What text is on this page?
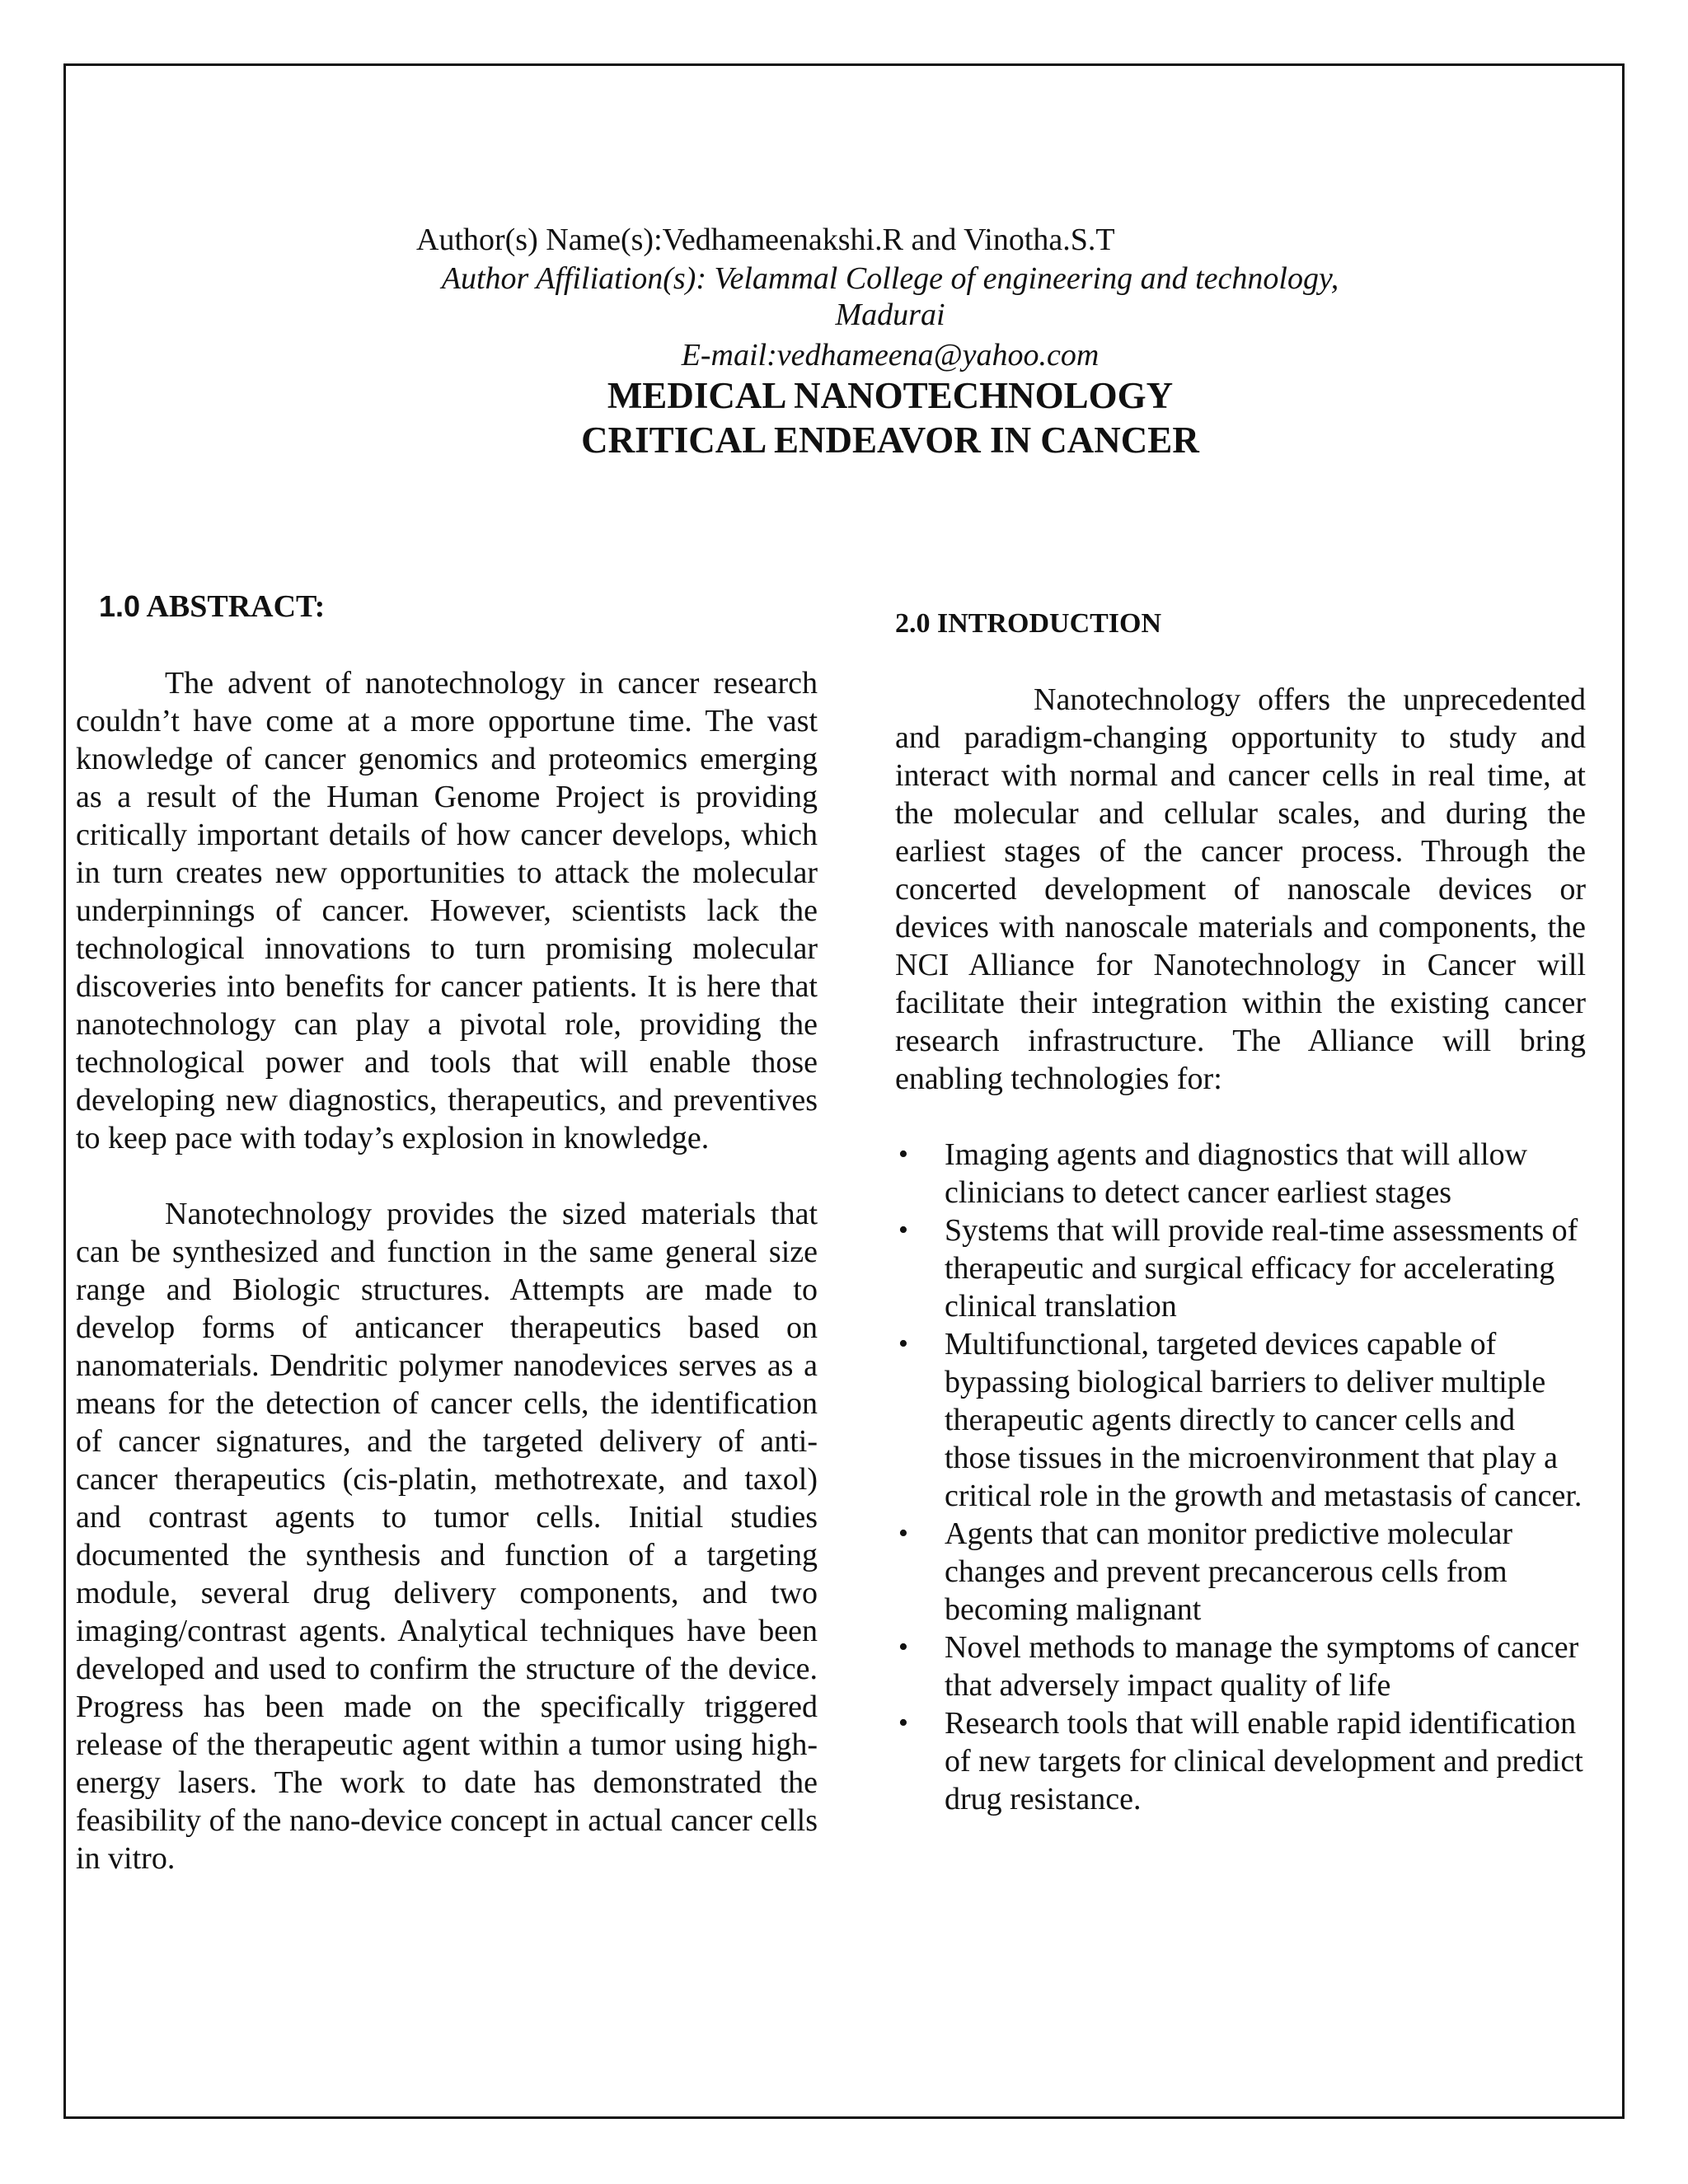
Author(s) Name(s):Vedhameenakshi.R and Vinotha.S.T
Author Affiliation(s): Velammal College of engineering and technology, Madurai
E-mail:vedhameena@yahoo.com
MEDICAL NANOTECHNOLOGY
CRITICAL ENDEAVOR IN CANCER
1.0 ABSTRACT:

The advent of nanotechnology in cancer research couldn’t have come at a more opportune time. The vast knowledge of cancer genomics and proteomics emerging as a result of the Human Genome Project is providing critically important details of how cancer develops, which in turn creates new opportunities to attack the molecular underpinnings of cancer. However, scientists lack the technological innovations to turn promising molecular discoveries into benefits for cancer patients. It is here that nanotechnology can play a pivotal role, providing the technological power and tools that will enable those developing new diagnostics, therapeutics, and preventives to keep pace with today’s explosion in knowledge.

Nanotechnology provides the sized materials that can be synthesized and function in the same general size range and Biologic structures. Attempts are made to develop forms of anticancer therapeutics based on nanomaterials. Dendritic polymer nanodevices serves as a means for the detection of cancer cells, the identification of cancer signatures, and the targeted delivery of anti-cancer therapeutics (cis-platin, methotrexate, and taxol) and contrast agents to tumor cells. Initial studies documented the synthesis and function of a targeting module, several drug delivery components, and two imaging/contrast agents. Analytical techniques have been developed and used to confirm the structure of the device. Progress has been made on the specifically triggered release of the therapeutic agent within a tumor using high-energy lasers. The work to date has demonstrated the feasibility of the nano-device concept in actual cancer cells in vitro.

2.0 INTRODUCTION

Nanotechnology offers the unprecedented and paradigm-changing opportunity to study and interact with normal and cancer cells in real time, at the molecular and cellular scales, and during the earliest stages of the cancer process. Through the concerted development of nanoscale devices or devices with nanoscale materials and components, the NCI Alliance for Nanotechnology in Cancer will facilitate their integration within the existing cancer research infrastructure. The Alliance will bring enabling technologies for:

• Imaging agents and diagnostics that will allow clinicians to detect cancer earliest stages
• Systems that will provide real-time assessments of therapeutic and surgical efficacy for accelerating clinical translation
• Multifunctional, targeted devices capable of bypassing biological barriers to deliver multiple therapeutic agents directly to cancer cells and those tissues in the microenvironment that play a critical role in the growth and metastasis of cancer.
• Agents that can monitor predictive molecular changes and prevent precancerous cells from becoming malignant
• Novel methods to manage the symptoms of cancer that adversely impact quality of life
• Research tools that will enable rapid identification of new targets for clinical development and predict drug resistance.
